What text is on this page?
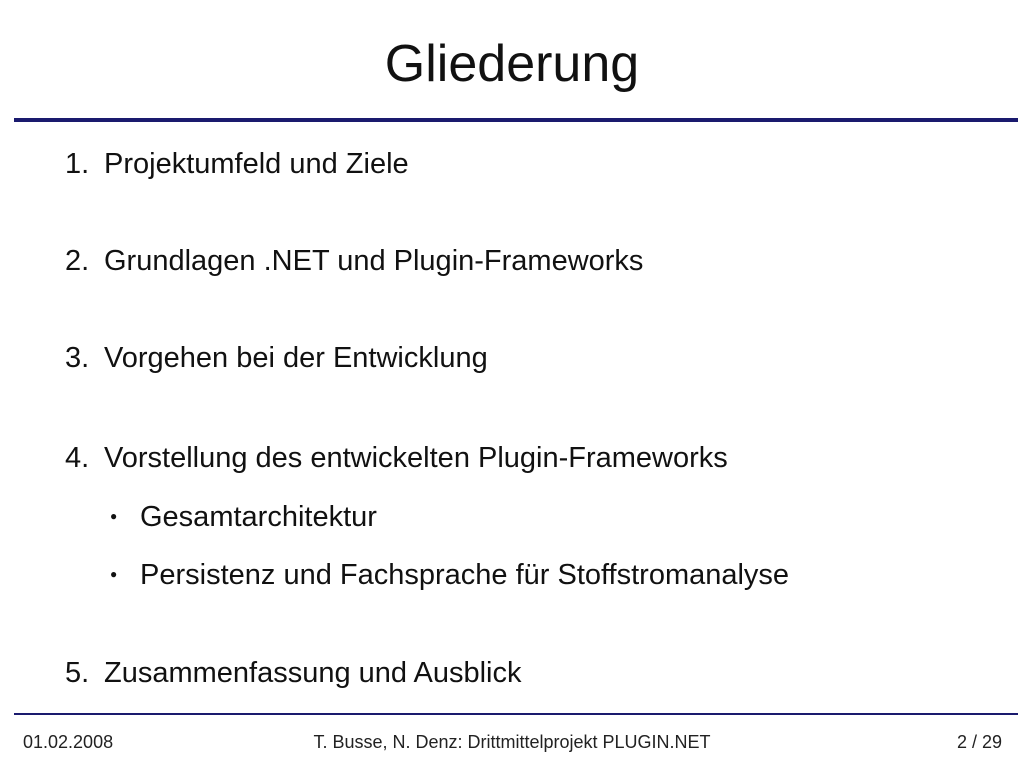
Gliederung
1. Projektumfeld und Ziele
2. Grundlagen .NET und Plugin-Frameworks
3. Vorgehen bei der Entwicklung
4. Vorstellung des entwickelten Plugin-Frameworks
● Gesamtarchitektur
● Persistenz und Fachsprache für Stoffstromanalyse
5. Zusammenfassung und Ausblick
01.02.2008	T. Busse, N. Denz: Drittmittelprojekt PLUGIN.NET	2 / 29
